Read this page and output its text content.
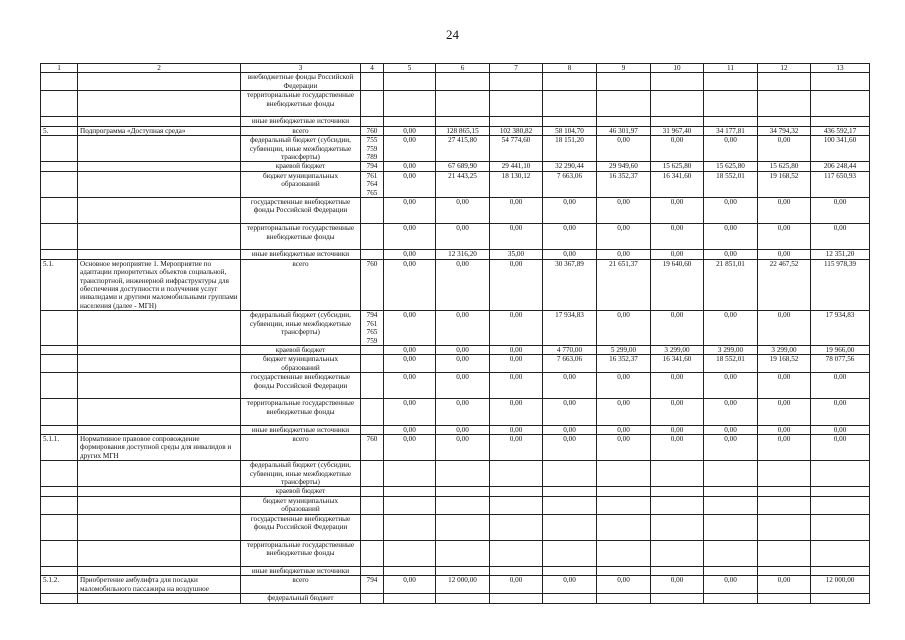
24
1	2	3	4	5	6	7	8	9	10	11	12	13
		внебюджетные фонды Российской Федерации										
		территориальные государственные внебюджетные фонды										
		иные внебюджетные источники										
5.	Подпрограмма «Доступная среда»	всего	760	0,00	128 865,15	102 380,82	58 104,70	46 301,97	31 967,40	34 177,81	34 794,32	436 592,17
		федеральный бюджет (субсидии, субвенции, иные межбюджетные трансферты)	755 759 789	0,00	27 415,80	54 774,60	18 151,20	0,00	0,00	0,00	0,00	100 341,60
		краевой бюджет	794	0,00	67 689,90	29 441,10	32 290,44	29 949,60	15 625,80	15 625,80	15 625,80	206 248,44
		бюджет муниципальных образований	761 764 765	0,00	21 443,25	18 130,12	7 663,06	16 352,37	16 341,60	18 552,01	19 168,52	117 650,93
		государственные внебюджетные фонды Российской Федерации		0,00	0,00	0,00	0,00	0,00	0,00	0,00	0,00	0,00
		территориальные государственные внебюджетные фонды		0,00	0,00	0,00	0,00	0,00	0,00	0,00	0,00	0,00
		иные внебюджетные источники		0,00	12 316,20	35,00	0,00	0,00	0,00	0,00	0,00	12 351,20
5.1.	Основное мероприятие 1. Мероприятие по адаптации приоритетных объектов социальной, транспортной, инженерной инфраструктуры для обеспечения доступности и получения услуг инвалидами и другими маломобильными группами населения (далее - МГН)	всего	760	0,00	0,00	0,00	30 367,89	21 651,37	19 640,60	21 851,01	22 467,52	115 978,39
		федеральный бюджет (субсидии, субвенции, иные межбюджетные трансферты)	794 761 765 759	0,00	0,00	0,00	17 934,83	0,00	0,00	0,00	0,00	17 934,83
		краевой бюджет		0,00	0,00	0,00	4 770,00	5 299,00	3 299,00	3 299,00	3 299,00	19 966,00
		бюджет муниципальных образований		0,00	0,00	0,00	7 663,06	16 352,37	16 341,60	18 552,01	19 168,52	78 077,56
		государственные внебюджетные фонды Российской Федерации		0,00	0,00	0,00	0,00	0,00	0,00	0,00	0,00	0,00
		территориальные государственные внебюджетные фонды		0,00	0,00	0,00	0,00	0,00	0,00	0,00	0,00	0,00
		иные внебюджетные источники		0,00	0,00	0,00	0,00	0,00	0,00	0,00	0,00	0,00
5.1.1.	Нормативное правовое сопровождение формирования доступной среды для инвалидов и других МГН	всего	760	0,00	0,00	0,00	0,00	0,00	0,00	0,00	0,00	0,00
		федеральный бюджет (субсидии, субвенции, иные межбюджетные трансферты)										
		краевой бюджет										
		бюджет муниципальных образований										
		государственные внебюджетные фонды Российской Федерации										
		территориальные государственные внебюджетные фонды										
		иные внебюджетные источники										
5.1.2.	Приобретение амбулифта для посадки маломобильного пассажира на воздушное	всего	794	0,00	12 000,00	0,00	0,00	0,00	0,00	0,00	0,00	12 000,00
		федеральный бюджет										
